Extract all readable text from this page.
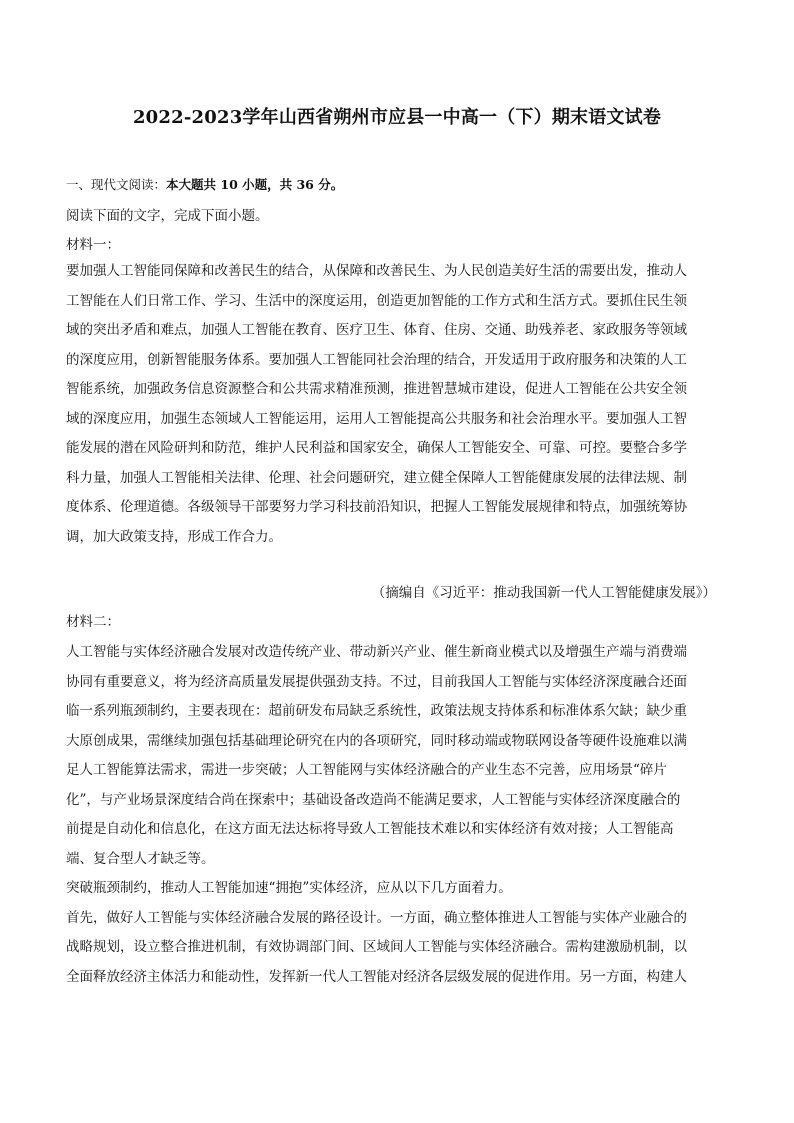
2022-2023学年山西省朔州市应县一中高一（下）期末语文试卷
一、现代文阅读：本大题共 10 小题，共 36 分。
阅读下面的文字，完成下面小题。
材料一：

要加强人工智能同保障和改善民生的结合，从保障和改善民生、为人民创造美好生活的需要出发，推动人

工智能在人们日常工作、学习、生活中的深度运用，创造更加智能的工作方式和生活方式。要抓住民生领

域的突出矛盾和难点，加强人工智能在教育、医疗卫生、体育、住房、交通、助残养老、家政服务等领域

的深度应用，创新智能服务体系。要加强人工智能同社会治理的结合，开发适用于政府服务和决策的人工

智能系统，加强政务信息资源整合和公共需求精准预测，推进智慧城市建设，促进人工智能在公共安全领

域的深度应用，加强生态领域人工智能运用，运用人工智能提高公共服务和社会治理水平。要加强人工智

能发展的潜在风险研判和防范，维护人民利益和国家安全，确保人工智能安全、可靠、可控。要整合多学

科力量，加强人工智能相关法律、伦理、社会问题研究，建立健全保障人工智能健康发展的法律法规、制

度体系、伦理道德。各级领导干部要努力学习科技前沿知识，把握人工智能发展规律和特点，加强统筹协

调，加大政策支持，形成工作合力。

（摘编自《习近平：推动我国新一代人工智能健康发展》）
材料二：

人工智能与实体经济融合发展对改造传统产业、带动新兴产业、催生新商业模式以及增强生产端与消费端

协同有重要意义，将为经济高质量发展提供强劲支持。不过，目前我国人工智能与实体经济深度融合还面

临一系列瓶颈制约，主要表现在：超前研发布局缺乏系统性，政策法规支持体系和标准体系欠缺；缺少重

大原创成果，需继续加强包括基础理论研究在内的各项研究，同时移动端或物联网设备等硬件设施难以满

足人工智能算法需求，需进一步突破；人工智能网与实体经济融合的产业生态不完善，应用场景“碎片

化”，与产业场景深度结合尚在探索中；基础设备改造尚不能满足要求，人工智能与实体经济深度融合的

前提是自动化和信息化，在这方面无法达标将导致人工智能技术难以和实体经济有效对接；人工智能高

端、复合型人才缺乏等。

突破瓶颈制约，推动人工智能加速“拥抱”实体经济，应从以下几方面着力。

首先，做好人工智能与实体经济融合发展的路径设计。一方面，确立整体推进人工智能与实体产业融合的

战略规划，设立整合推进机制，有效协调部门间、区域间人工智能与实体经济融合。需构建激励机制，以

全面释放经济主体活力和能动性，发挥新一代人工智能对经济各层级发展的促进作用。另一方面，构建人
